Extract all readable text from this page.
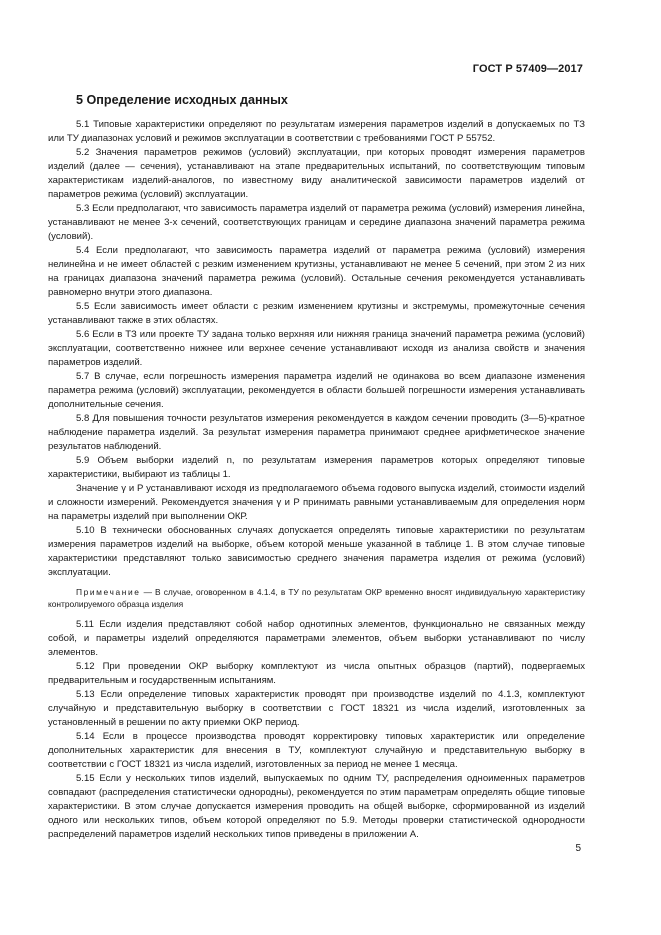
ГОСТ Р 57409—2017
5 Определение исходных данных

5.1 Типовые характеристики определяют по результатам измерения параметров изделий в допускаемых по ТЗ или ТУ диапазонах условий и режимов эксплуатации в соответствии с требованиями ГОСТ Р 55752.

5.2 Значения параметров режимов (условий) эксплуатации, при которых проводят измерения параметров изделий (далее — сечения), устанавливают на этапе предварительных испытаний, по соответствующим типовым характеристикам изделий-аналогов, по известному виду аналитической зависимости параметров изделий от параметров режима (условий) эксплуатации.

5.3 Если предполагают, что зависимость параметра изделий от параметра режима (условий) измерения линейна, устанавливают не менее 3-х сечений, соответствующих границам и середине диапазона значений параметра режима (условий).

5.4 Если предполагают, что зависимость параметра изделий от параметра режима (условий) измерения нелинейна и не имеет областей с резким изменением крутизны, устанавливают не менее 5 сечений, при этом 2 из них на границах диапазона значений параметра режима (условий). Остальные сечения рекомендуется устанавливать равномерно внутри этого диапазона.

5.5 Если зависимость имеет области с резким изменением крутизны и экстремумы, промежуточные сечения устанавливают также в этих областях.

5.6 Если в ТЗ или проекте ТУ задана только верхняя или нижняя граница значений параметра режима (условий) эксплуатации, соответственно нижнее или верхнее сечение устанавливают исходя из анализа свойств и значения параметров изделий.

5.7 В случае, если погрешность измерения параметра изделий не одинакова во всем диапазоне изменения параметра режима (условий) эксплуатации, рекомендуется в области большей погрешности измерения устанавливать дополнительные сечения.

5.8 Для повышения точности результатов измерения рекомендуется в каждом сечении проводить (3—5)-кратное наблюдение параметра изделий. За результат измерения параметра принимают среднее арифметическое значение результатов наблюдений.

5.9 Объем выборки изделий n, по результатам измерения параметров которых определяют типовые характеристики, выбирают из таблицы 1.

Значение γ и P устанавливают исходя из предполагаемого объема годового выпуска изделий, стоимости изделий и сложности измерений. Рекомендуется значения γ и P принимать равными устанавливаемым для определения норм на параметры изделий при выполнении ОКР.

5.10 В технически обоснованных случаях допускается определять типовые характеристики по результатам измерения параметров изделий на выборке, объем которой меньше указанной в таблице 1. В этом случае типовые характеристики представляют только зависимостью среднего значения параметра изделия от режима (условий) эксплуатации.

Примечание — В случае, оговоренном в 4.1.4, в ТУ по результатам ОКР временно вносят индивидуальную характеристику контролируемого образца изделия

5.11 Если изделия представляют собой набор однотипных элементов, функционально не связанных между собой, и параметры изделий определяются параметрами элементов, объем выборки устанавливают по числу элементов.

5.12 При проведении ОКР выборку комплектуют из числа опытных образцов (партий), подвергаемых предварительным и государственным испытаниям.

5.13 Если определение типовых характеристик проводят при производстве изделий по 4.1.3, комплектуют случайную и представительную выборку в соответствии с ГОСТ 18321 из числа изделий, изготовленных за установленный в решении по акту приемки ОКР период.

5.14 Если в процессе производства проводят корректировку типовых характеристик или определение дополнительных характеристик для внесения в ТУ, комплектуют случайную и представительную выборку в соответствии с ГОСТ 18321 из числа изделий, изготовленных за период не менее 1 месяца.

5.15 Если у нескольких типов изделий, выпускаемых по одним ТУ, распределения одноименных параметров совпадают (распределения статистически однородны), рекомендуется по этим параметрам определять общие типовые характеристики. В этом случае допускается измерения проводить на общей выборке, сформированной из изделий одного или нескольких типов, объем которой определяют по 5.9. Методы проверки статистической однородности распределений параметров изделий нескольких типов приведены в приложении А.

5
